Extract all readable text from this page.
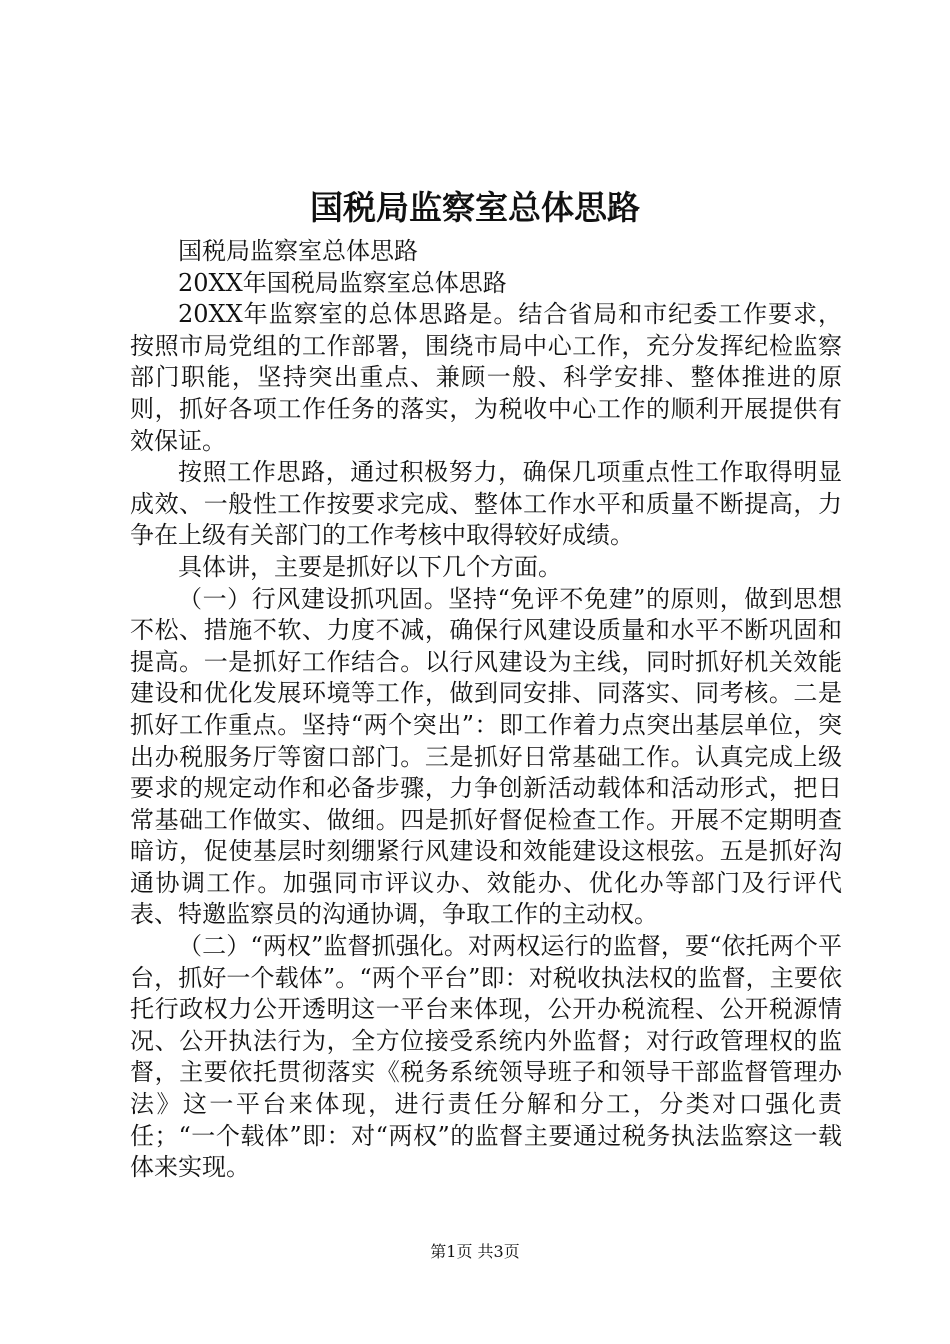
国税局监察室总体思路

国税局监察室总体思路

20XX年国税局监察室总体思路

20XX年监察室的总体思路是。结合省局和市纪委工作要求，按照市局党组的工作部署，围绕市局中心工作，充分发挥纪检监察部门职能，坚持突出重点、兼顾一般、科学安排、整体推进的原则，抓好各项工作任务的落实，为税收中心工作的顺利开展提供有效保证。

按照工作思路，通过积极努力，确保几项重点性工作取得明显成效、一般性工作按要求完成、整体工作水平和质量不断提高，力争在上级有关部门的工作考核中取得较好成绩。

具体讲，主要是抓好以下几个方面。

（一）行风建设抓巩固。坚持“免评不免建”的原则，做到思想不松、措施不软、力度不减，确保行风建设质量和水平不断巩固和提高。一是抓好工作结合。以行风建设为主线，同时抓好机关效能建设和优化发展环境等工作，做到同安排、同落实、同考核。二是抓好工作重点。坚持“两个突出”：即工作着力点突出基层单位，突出办税服务厅等窗口部门。三是抓好日常基础工作。认真完成上级要求的规定动作和必备步骤，力争创新活动载体和活动形式，把日常基础工作做实、做细。四是抓好督促检查工作。开展不定期明查暗访，促使基层时刻绷紧行风建设和效能建设这根弦。五是抓好沟通协调工作。加强同市评议办、效能办、优化办等部门及行评代表、特邀监察员的沟通协调，争取工作的主动权。

（二）“两权”监督抓强化。对两权运行的监督，要“依托两个平台，抓好一个载体”。“两个平台”即：对税收执法权的监督，主要依托行政权力公开透明这一平台来体现，公开办税流程、公开税源情况、公开执法行为，全方位接受系统内外监督；对行政管理权的监督，主要依托贯彻落实《税务系统领导班子和领导干部监督管理办法》这一平台来体现，进行责任分解和分工，分类对口强化责任；“一个载体”即：对“两权”的监督主要通过税务执法监察这一载体来实现。

第1页 共3页
